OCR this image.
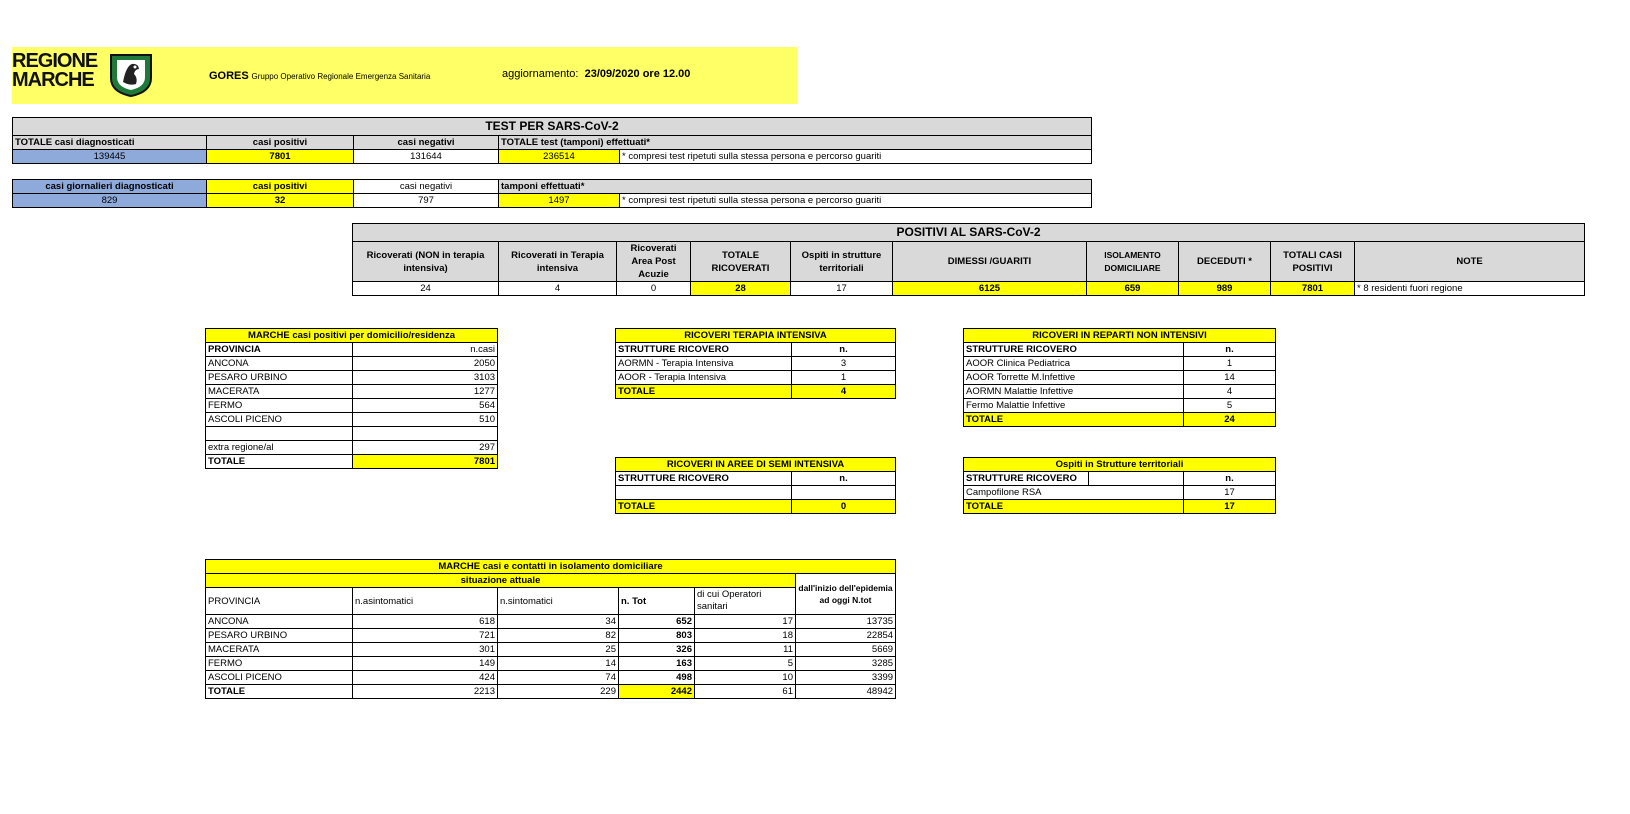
REGIONE
MARCHE	GORES Gruppo Operativo Regionale Emergenza Sanitaria	aggiornamento: 23/09/2020 ore 12.00
TEST PER SARS-CoV-2				
TOTALE casi diagnosticati	casi positivi	casi negativi	TOTALE test (tamponi) effettuati*	
139445	7801	131644	236514	* compresi test ripetuti sulla stessa persona e percorso guariti
casi giornalieri diagnosticati	casi positivi	casi negativi	tamponi effettuati*	
829	32	797	1497	* compresi test ripetuti sulla stessa persona e percorso guariti
POSITIVI AL SARS-CoV-2									
Ricoverati (NON in terapia intensiva)	Ricoverati in Terapia intensiva	Ricoverati Area Post Acuzie	TOTALE RICOVERATI	Ospiti in strutture territoriali	DIMESSI /GUARITI	ISOLAMENTO DOMICILIARE	DECEDUTI *	TOTALI CASI POSITIVI	NOTE
24	4	0	28	17	6125	659	989	7801	* 8 residenti fuori regione
MARCHE casi positivi per domicilio/residenza	
PROVINCIA	n.casi
ANCONA	2050
PESARO URBINO	3103
MACERATA	1277
FERMO	564
ASCOLI PICENO	510

extra regione/al	297
TOTALE	7801
RICOVERI TERAPIA INTENSIVA	
STRUTTURE RICOVERO	n.
AORMN - Terapia Intensiva	3
AOOR - Terapia Intensiva	1
TOTALE	4
RICOVERI IN REPARTI NON INTENSIVI	
STRUTTURE RICOVERO	n.
AOOR Clinica Pediatrica	1
AOOR Torrette M.Infettive	14
AORMN Malattie Infettive	4
Fermo Malattie Infettive	5
TOTALE	24
RICOVERI IN AREE DI SEMI INTENSIVA	
STRUTTURE RICOVERO	n.

TOTALE	0
Ospiti in Strutture territoriali		
STRUTTURE RICOVERO		n.
Campofilone RSA		17
TOTALE		17
MARCHE casi e contatti in isolamento domiciliare					
situazione attuale					dall'inizio dell'epidemia ad oggi N.tot
PROVINCIA	n.asintomatici	n.sintomatici	n. Tot	di cui Operatori sanitari	
ANCONA	618	34	652	17	13735
PESARO URBINO	721	82	803	18	22854
MACERATA	301	25	326	11	5669
FERMO	149	14	163	5	3285
ASCOLI PICENO	424	74	498	10	3399
TOTALE	2213	229	2442	61	48942
